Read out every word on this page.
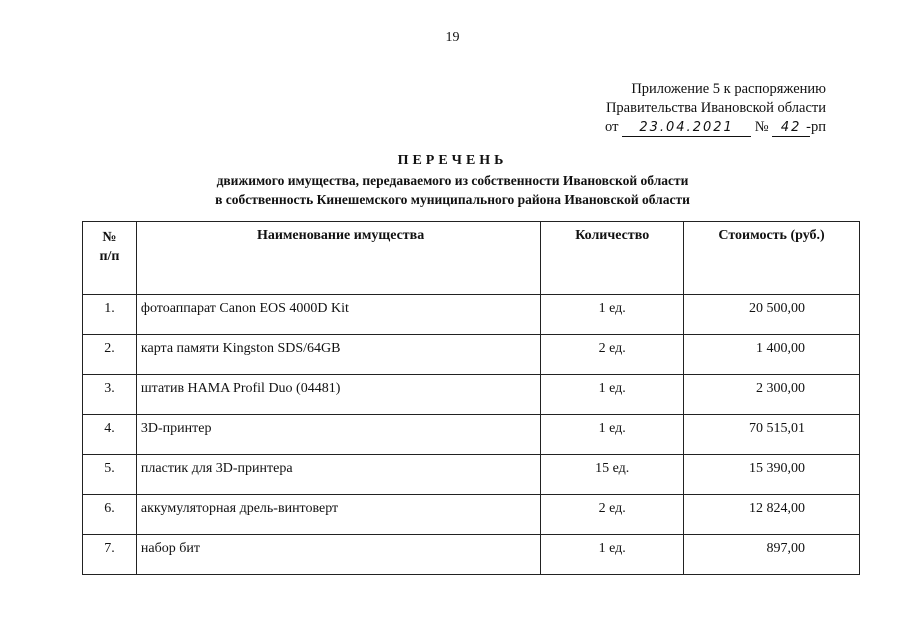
19
Приложение 5 к распоряжению
Правительства Ивановской области
от 23.04.2021 № 42 -рп
ПЕРЕЧЕНЬ
движимого имущества, передаваемого из собственности Ивановской области
в собственность Кинешемского муниципального района Ивановской области
№
п/п	Наименование имущества	Количество	Стоимость (руб.)
1.	фотоаппарат Canon EOS 4000D Kit	1 ед.	20 500,00
2.	карта памяти Kingston SDS/64GB	2 ед.	1 400,00
3.	штатив HAMA Profil Duo (04481)	1 ед.	2 300,00
4.	3D-принтер	1 ед.	70 515,01
5.	пластик для 3D-принтера	15 ед.	15 390,00
6.	аккумуляторная дрель-винтоверт	2 ед.	12 824,00
7.	набор бит	1 ед.	897,00
